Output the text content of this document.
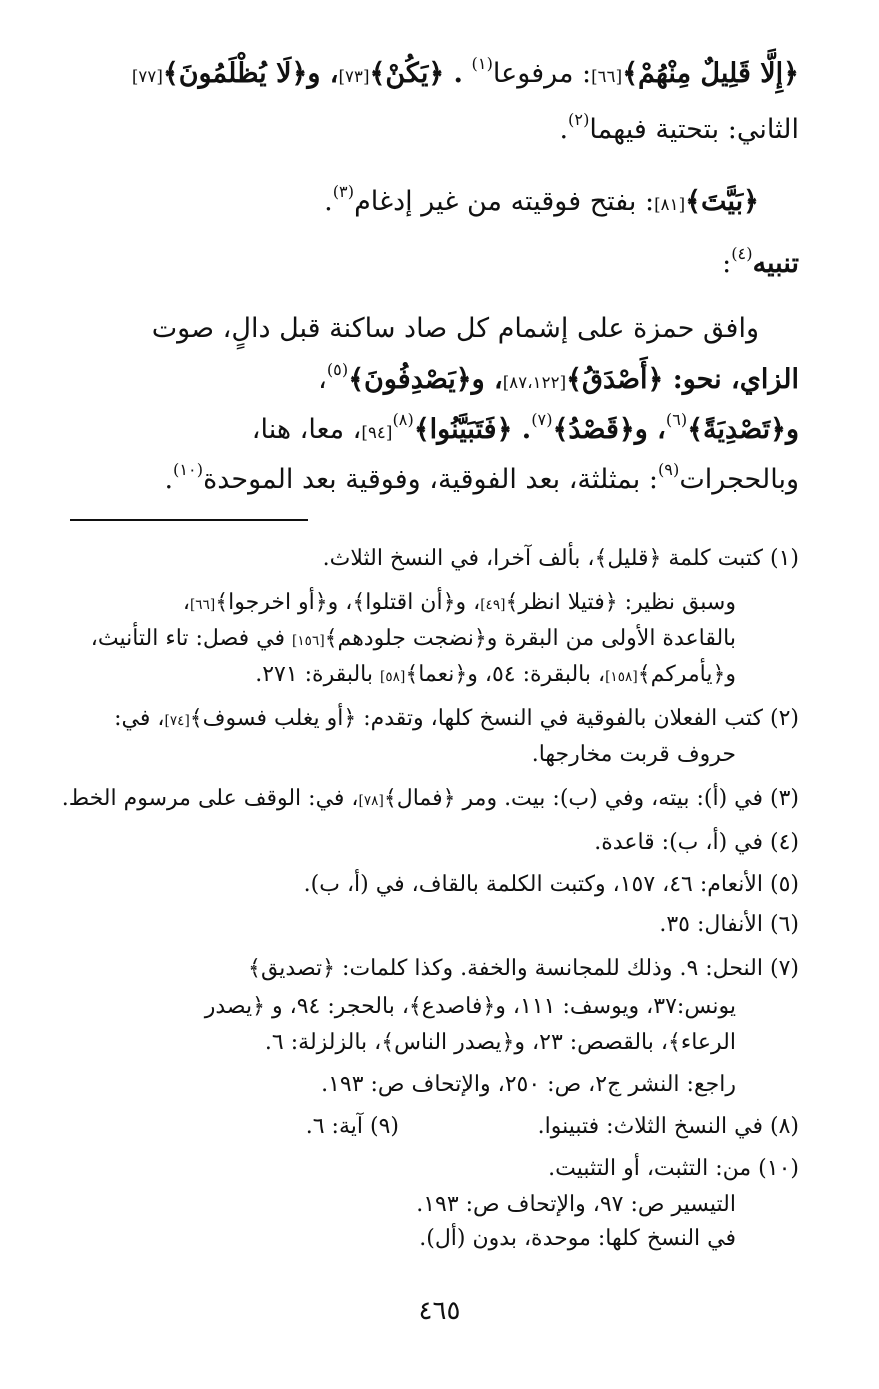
﴿إِلَّا قَلِيلٌ مِنْهُمْ﴾[٦٦]: مرفوعا$^{(١)}$ . ﴿يَكُنْ﴾[٧٣]، و﴿لَا يُظْلَمُونَ﴾[٧٧]
الثاني: بتحتية فيهما$^{(٢)}$.
﴿بَيَّتَ﴾[٨١]: بفتح فوقيته من غير إدغام$^{(٣)}$.
تنبيه$^{(٤)}$:
وافق حمزة على إشمام كل صاد ساكنة قبل دالٍ، صوت
الزاي، نحو: ﴿أَصْدَقُ﴾[٨٧،١٢٢]، و﴿يَصْدِفُونَ﴾$^{(٥)}$،
و﴿تَصْدِيَةً﴾$^{(٦)}$، و﴿قَصْدُ﴾$^{(٧)}$. ﴿فَتَبَيَّنُوا﴾$^{(٨)}$[٩٤]، معا، هنا،
وبالحجرات$^{(٩)}$: بمثلثة، بعد الفوقية، وفوقية بعد الموحدة$^{(١٠)}$.
(١) كتبت كلمة ﴿قليل﴾، بألف آخرا، في النسخ الثلاث.
وسبق نظير: ﴿فتيلا انظر﴾[٤٩]، و﴿أن اقتلوا﴾، و﴿أو اخرجوا﴾[٦٦]،
بالقاعدة الأولى من البقرة و﴿نضجت جلودهم﴾[١٥٦] في فصل: تاء التأنيث،
و﴿يأمركم﴾[١٥٨]، بالبقرة: ٥٤، و﴿نعما﴾[٥٨] بالبقرة: ٢٧١.
(٢) كتب الفعلان بالفوقية في النسخ كلها، وتقدم: ﴿أو يغلب فسوف﴾[٧٤]، في:
حروف قربت مخارجها.
(٣) في (أ): بيته، وفي (ب): بيت. ومر ﴿فمال﴾[٧٨]، في: الوقف على مرسوم الخط.
(٤) في (أ، ب): قاعدة.
(٥) الأنعام: ٤٦، ١٥٧، وكتبت الكلمة بالقاف، في (أ، ب).
(٦) الأنفال: ٣٥.
(٧) النحل: ٩. وذلك للمجانسة والخفة. وكذا كلمات: ﴿تصديق﴾
يونس:٣٧، ويوسف: ١١١، و﴿فاصدع﴾، بالحجر: ٩٤، و ﴿يصدر
الرعاء﴾، بالقصص: ٢٣، و﴿يصدر الناس﴾، بالزلزلة: ٦.
راجع: النشر ج٢، ص: ٢٥٠، والإتحاف ص: ١٩٣.
(٨) في النسخ الثلاث: فتبينوا.
(٩) آية: ٦.
(١٠) من: التثبت، أو التثبيت.
التيسير ص: ٩٧، والإتحاف ص: ١٩٣.
في النسخ كلها: موحدة، بدون (أل).
٤٦٥
